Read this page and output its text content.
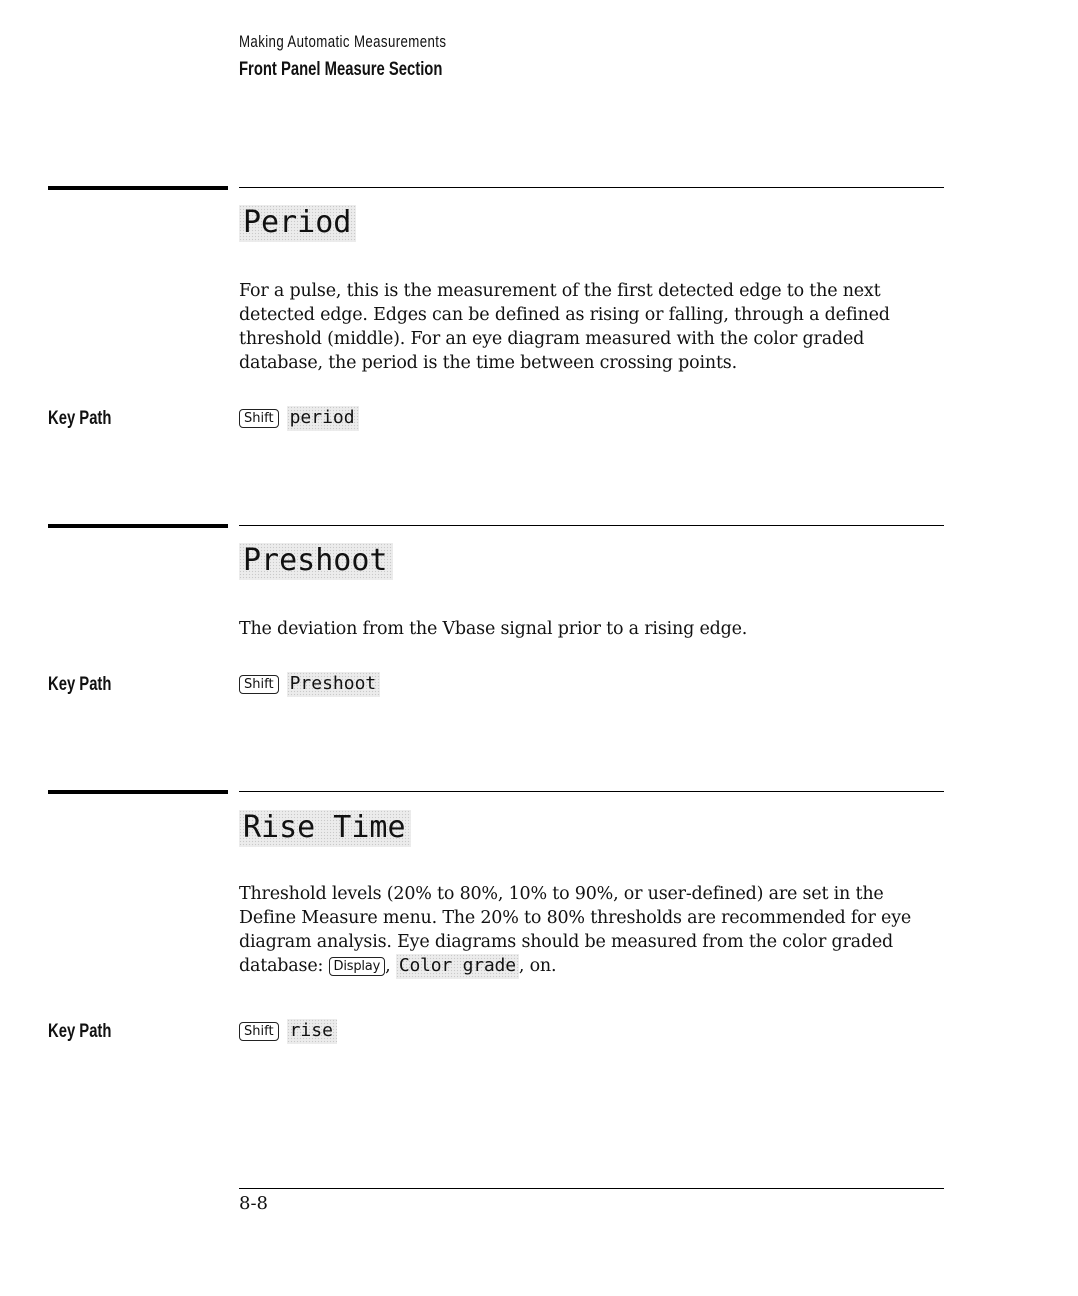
Making Automatic Measurements
Front Panel Measure Section
Period
For a pulse, this is the measurement of the first detected edge to the next detected edge. Edges can be defined as rising or falling, through a defined threshold (middle). For an eye diagram measured with the color graded database, the period is the time between crossing points.
Key Path	Shift period
Preshoot
The deviation from the Vbase signal prior to a rising edge.
Key Path	Shift Preshoot
Rise Time
Threshold levels (20% to 80%, 10% to 90%, or user-defined) are set in the Define Measure menu. The 20% to 80% thresholds are recommended for eye diagram analysis. Eye diagrams should be measured from the color graded database: Display , Color grade , on.
Key Path	Shift rise
8-8
